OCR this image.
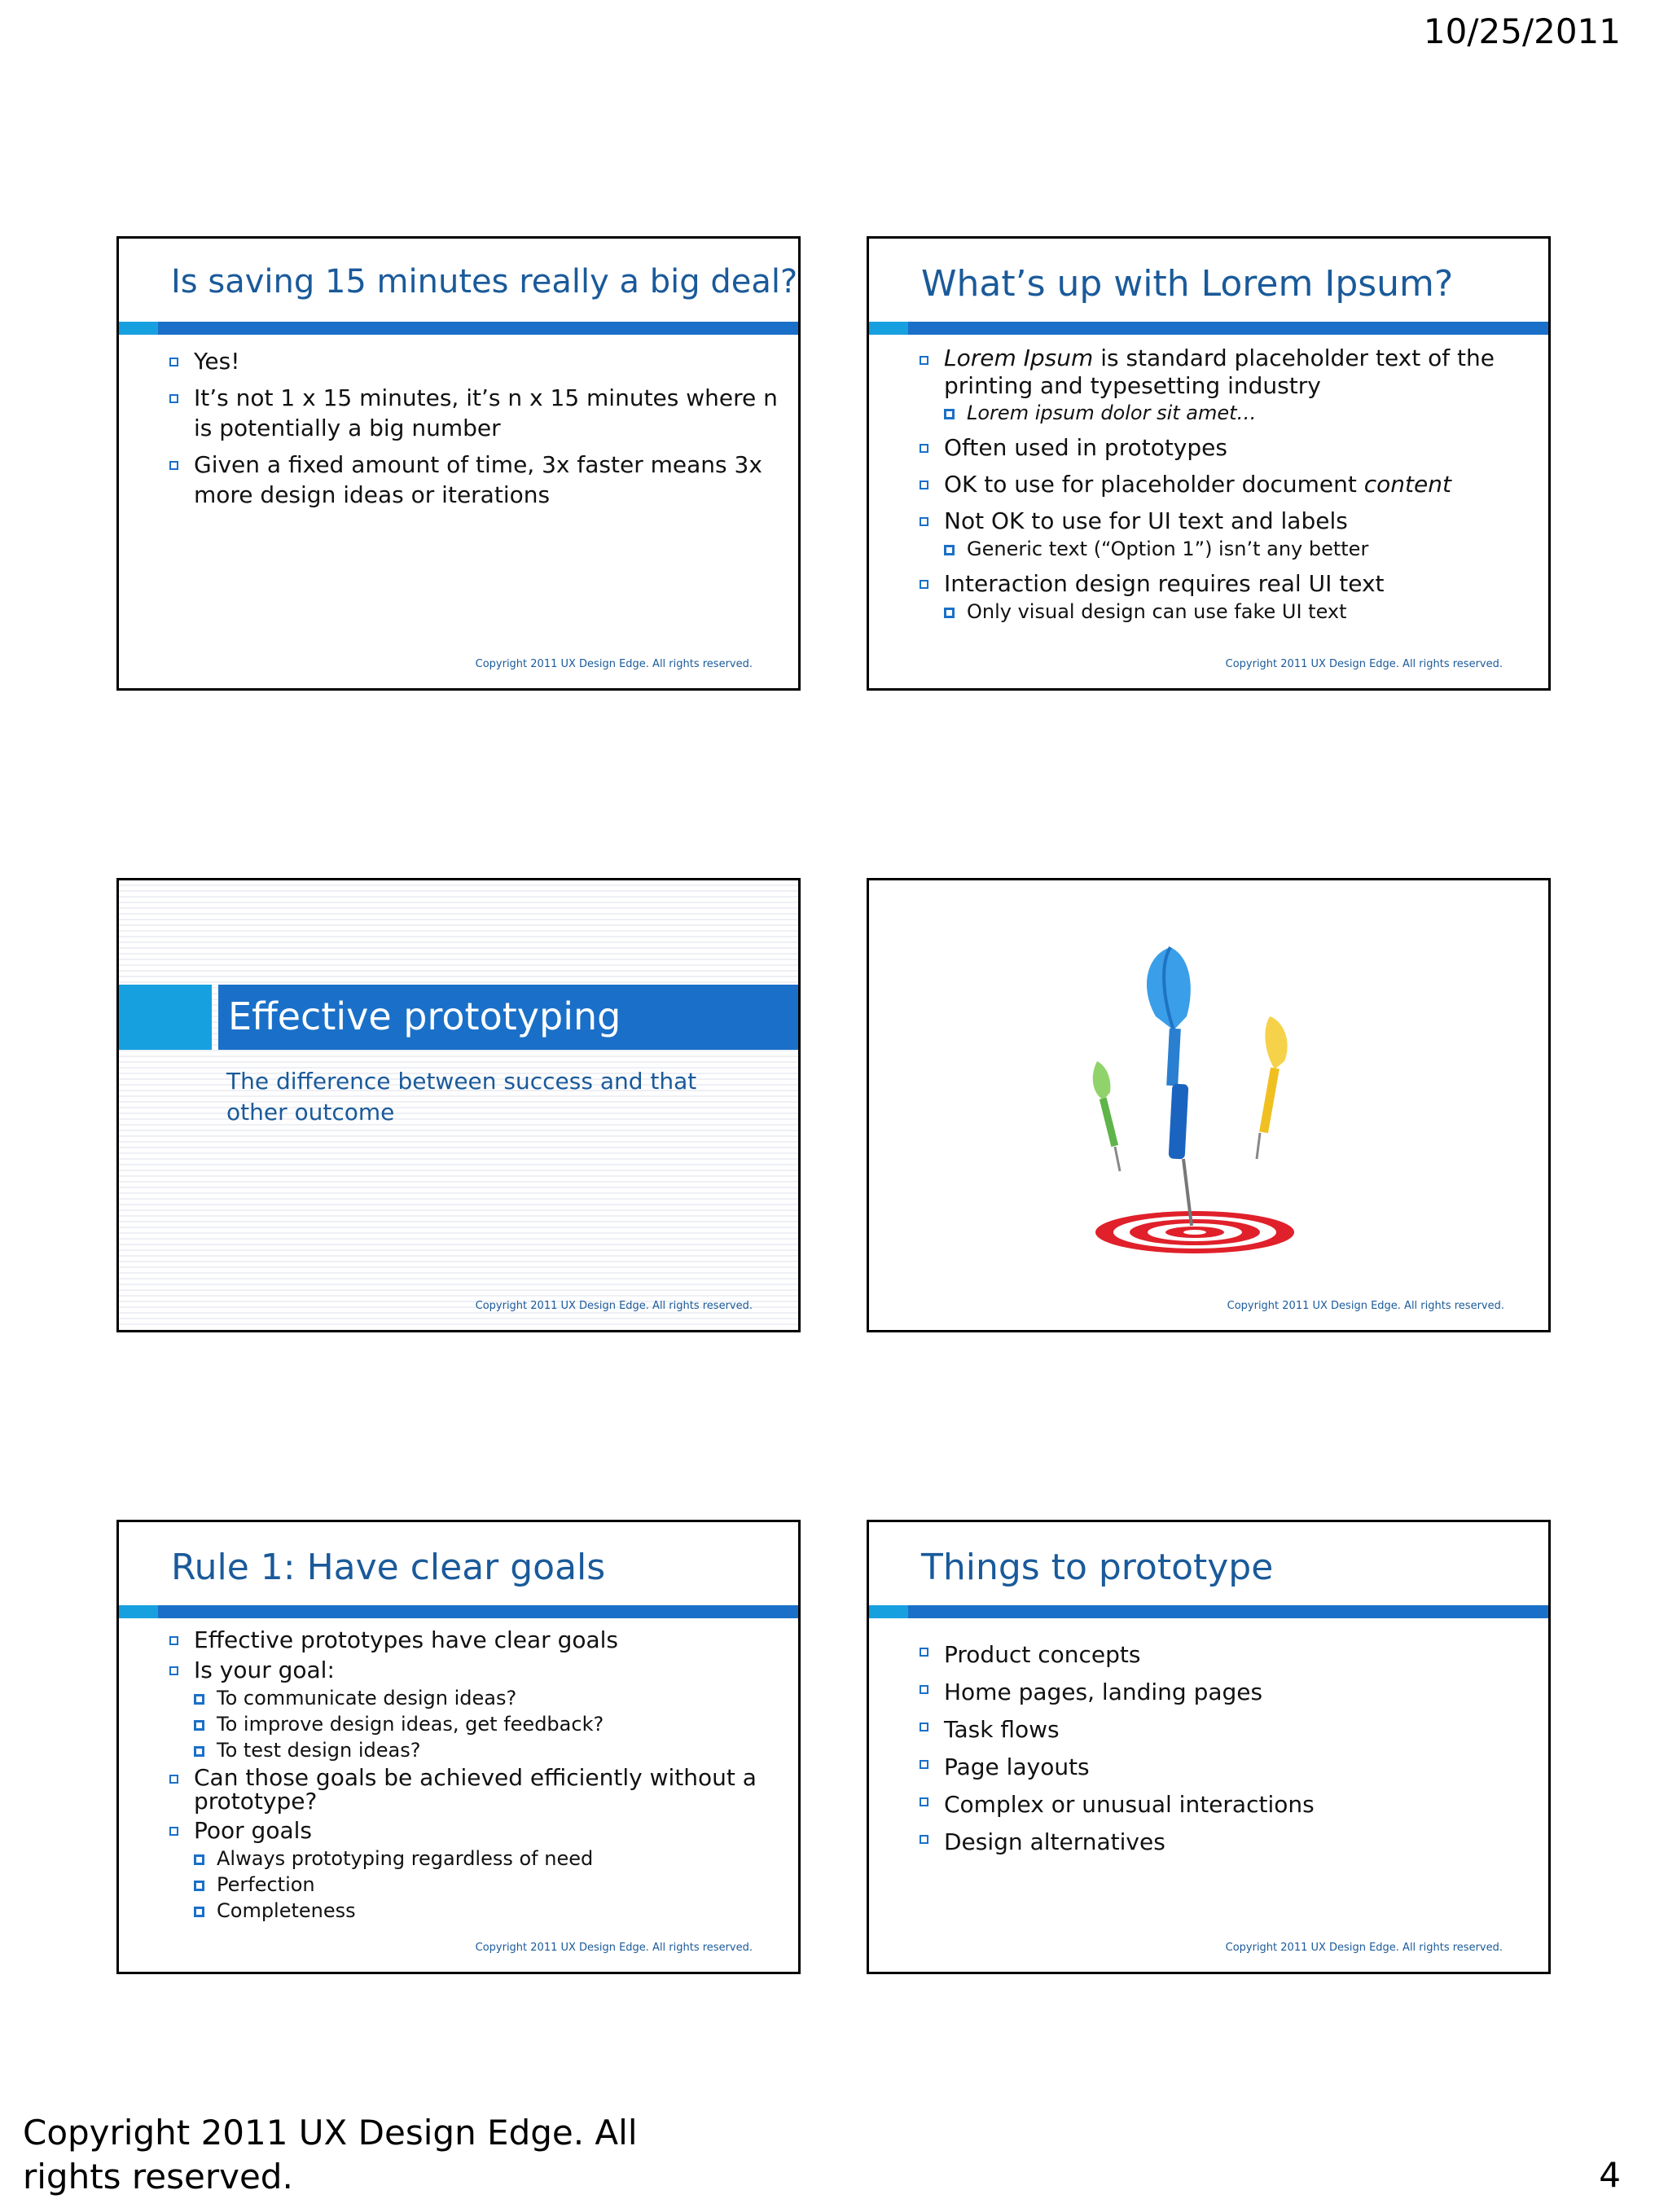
10/25/2011
Is saving 15 minutes really a big deal?
Yes!
It’s not 1 x 15 minutes, it’s n x 15 minutes where n is potentially a big number
Given a fixed amount of time, 3x faster means 3x more design ideas or iterations
Copyright 2011 UX Design Edge. All rights reserved.
What’s up with Lorem Ipsum?
Lorem Ipsum is standard placeholder text of the printing and typesetting industry
Lorem ipsum dolor sit amet…
Often used in prototypes
OK to use for placeholder document content
Not OK to use for UI text and labels
Generic text (“Option 1”) isn’t any better
Interaction design requires real UI text
Only visual design can use fake UI text
Copyright 2011 UX Design Edge. All rights reserved.
Effective prototyping
The difference between success and that other outcome
Copyright 2011 UX Design Edge. All rights reserved.	Copyright 2011 UX Design Edge. All rights reserved.
Rule 1: Have clear goals
Effective prototypes have clear goals
Is your goal:
To communicate design ideas?
To improve design ideas, get feedback?
To test design ideas?
Can those goals be achieved efficiently without a prototype?
Poor goals
Always prototyping regardless of need
Perfection
Completeness
Copyright 2011 UX Design Edge. All rights reserved.
Things to prototype
Product concepts
Home pages, landing pages
Task flows
Page layouts
Complex or unusual interactions
Design alternatives
Copyright 2011 UX Design Edge. All rights reserved.
Copyright 2011 UX Design Edge. All rights reserved.	4
